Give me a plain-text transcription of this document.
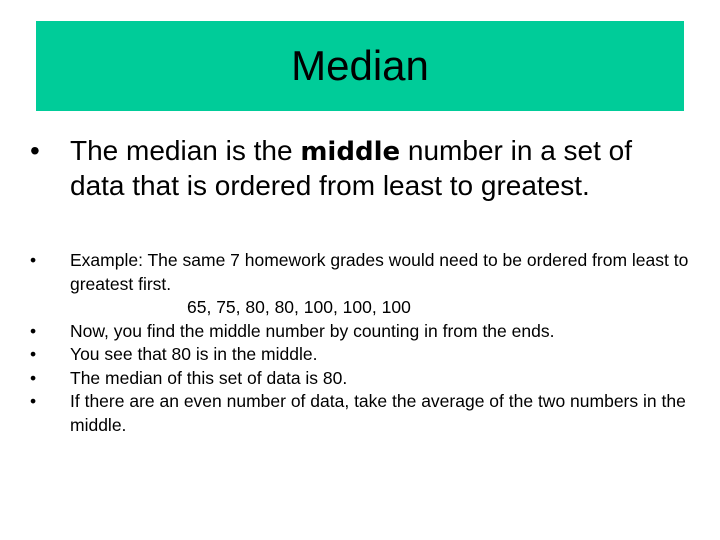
Median
•	The median is the middle number in a set of data that is ordered from least to greatest.
•	Example: The same 7 homework grades would need to be ordered from least to greatest first.
65, 75, 80, 80, 100, 100, 100
•	Now, you find the middle number by counting in from the ends.
•	You see that 80 is in the middle.
•	The median of this set of data is 80.
•	If there are an even number of data, take the average of the two numbers in the middle.
